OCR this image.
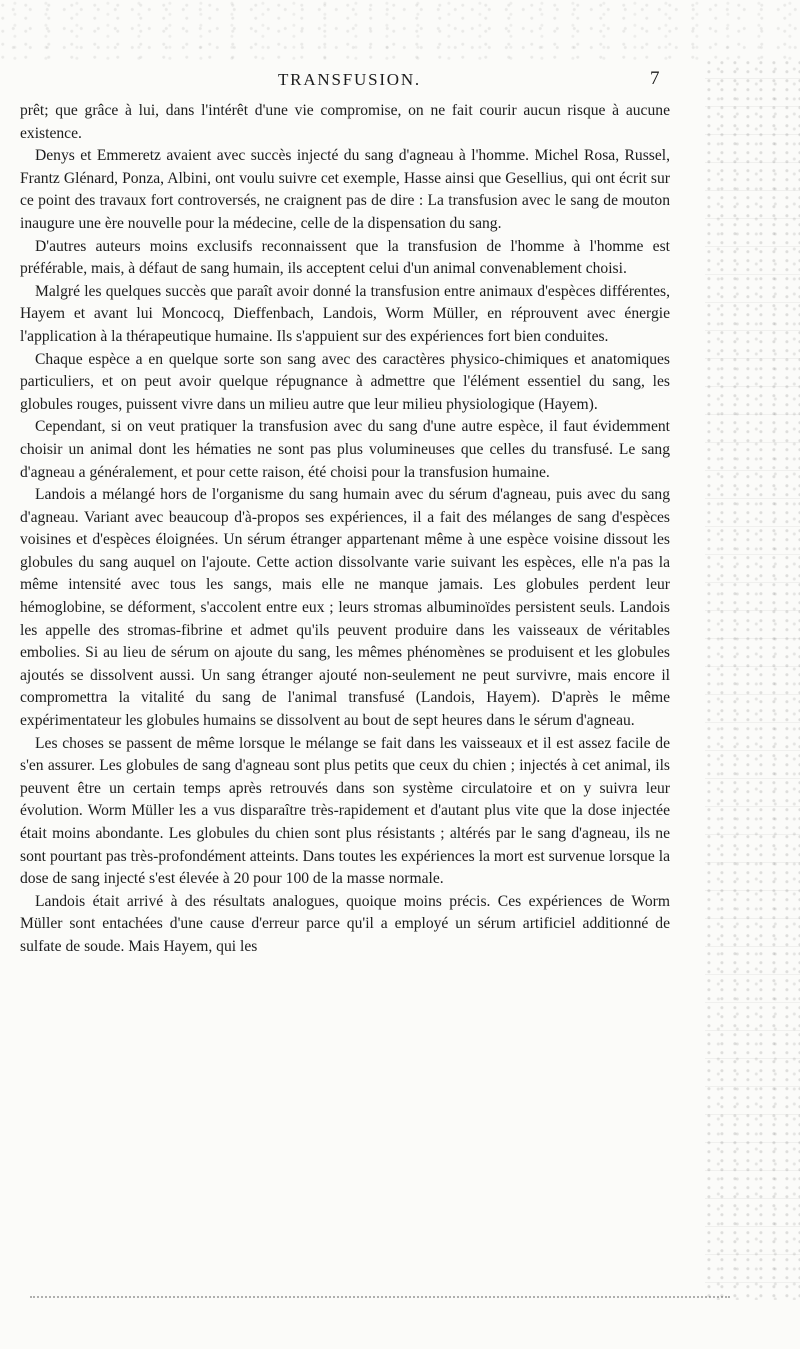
TRANSFUSION.	7

prêt; que grâce à lui, dans l'intérêt d'une vie compromise, on ne fait courir aucun risque à aucune existence.

Denys et Emmeretz avaient avec succès injecté du sang d'agneau à l'homme. Michel Rosa, Russel, Frantz Glénard, Ponza, Albini, ont voulu suivre cet exemple, Hasse ainsi que Gesellius, qui ont écrit sur ce point des travaux fort controversés, ne craignent pas de dire : La transfusion avec le sang de mouton inaugure une ère nouvelle pour la médecine, celle de la dispensation du sang.

D'autres auteurs moins exclusifs reconnaissent que la transfusion de l'homme à l'homme est préférable, mais, à défaut de sang humain, ils acceptent celui d'un animal convenablement choisi.

Malgré les quelques succès que paraît avoir donné la transfusion entre animaux d'espèces différentes, Hayem et avant lui Moncocq, Dieffenbach, Landois, Worm Müller, en réprouvent avec énergie l'application à la thérapeutique humaine. Ils s'appuient sur des expériences fort bien conduites.

Chaque espèce a en quelque sorte son sang avec des caractères physico-chimiques et anatomiques particuliers, et on peut avoir quelque répugnance à admettre que l'élément essentiel du sang, les globules rouges, puissent vivre dans un milieu autre que leur milieu physiologique (Hayem).

Cependant, si on veut pratiquer la transfusion avec du sang d'une autre espèce, il faut évidemment choisir un animal dont les hématies ne sont pas plus volumineuses que celles du transfusé. Le sang d'agneau a généralement, et pour cette raison, été choisi pour la transfusion humaine.

Landois a mélangé hors de l'organisme du sang humain avec du sérum d'agneau, puis avec du sang d'agneau. Variant avec beaucoup d'à-propos ses expériences, il a fait des mélanges de sang d'espèces voisines et d'espèces éloignées. Un sérum étranger appartenant même à une espèce voisine dissout les globules du sang auquel on l'ajoute. Cette action dissolvante varie suivant les espèces, elle n'a pas la même intensité avec tous les sangs, mais elle ne manque jamais. Les globules perdent leur hémoglobine, se déforment, s'accolent entre eux ; leurs stromas albuminoïdes persistent seuls. Landois les appelle des stromas-fibrine et admet qu'ils peuvent produire dans les vaisseaux de véritables embolies. Si au lieu de sérum on ajoute du sang, les mêmes phénomènes se produisent et les globules ajoutés se dissolvent aussi. Un sang étranger ajouté non-seulement ne peut survivre, mais encore il compromettra la vitalité du sang de l'animal transfusé (Landois, Hayem). D'après le même expérimentateur les globules humains se dissolvent au bout de sept heures dans le sérum d'agneau.

Les choses se passent de même lorsque le mélange se fait dans les vaisseaux et il est assez facile de s'en assurer. Les globules de sang d'agneau sont plus petits que ceux du chien ; injectés à cet animal, ils peuvent être un certain temps après retrouvés dans son système circulatoire et on y suivra leur évolution. Worm Müller les a vus disparaître très-rapidement et d'autant plus vite que la dose injectée était moins abondante. Les globules du chien sont plus résistants ; altérés par le sang d'agneau, ils ne sont pourtant pas très-profondément atteints. Dans toutes les expériences la mort est survenue lorsque la dose de sang injecté s'est élevée à 20 pour 100 de la masse normale.

Landois était arrivé à des résultats analogues, quoique moins précis. Ces expériences de Worm Müller sont entachées d'une cause d'erreur parce qu'il a employé un sérum artificiel additionné de sulfate de soude. Mais Hayem, qui les
